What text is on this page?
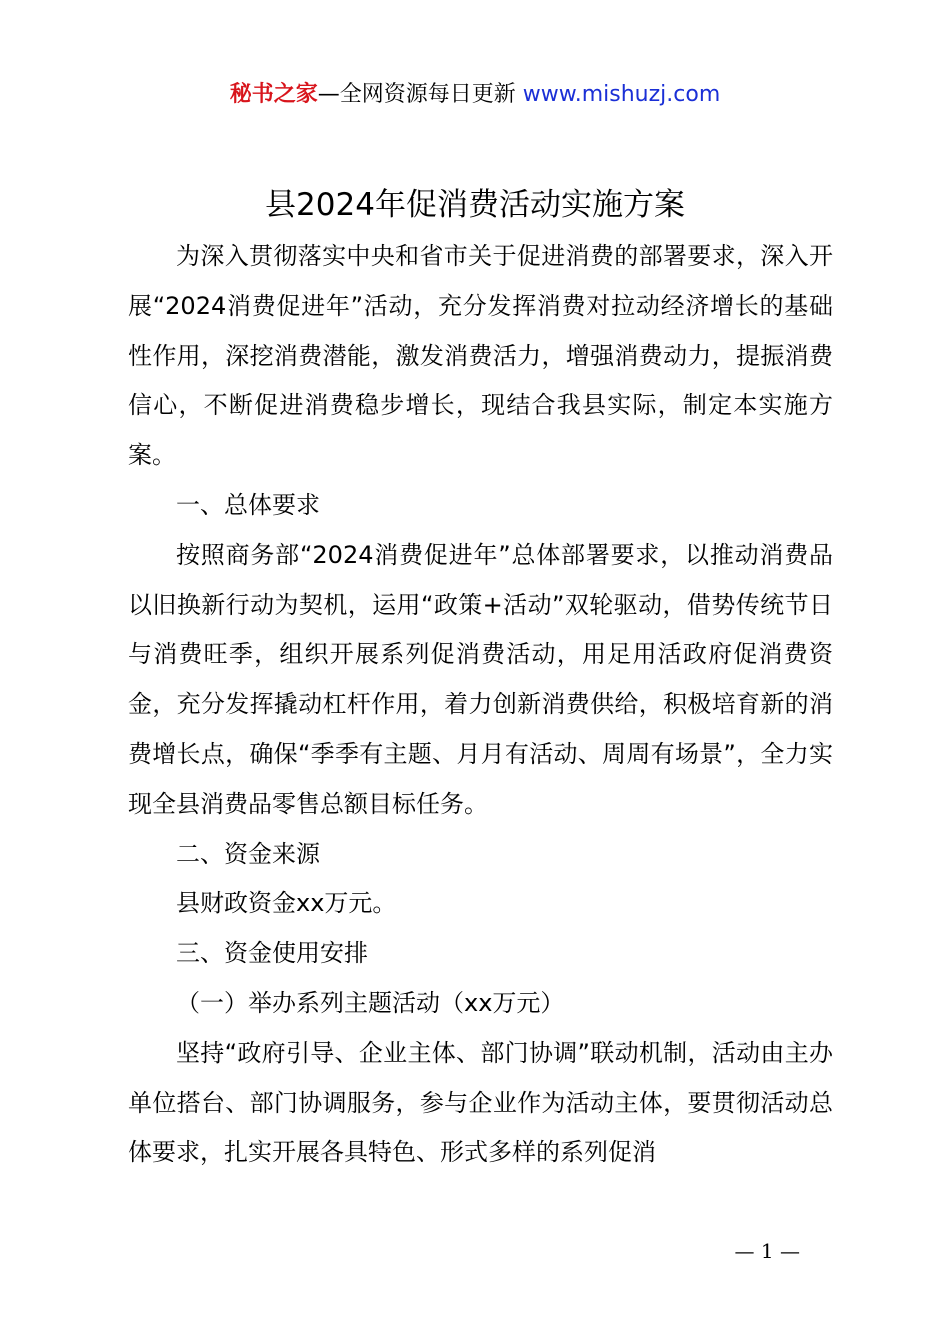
秘书之家—全网资源每日更新 www.mishuzj.com
县2024年促消费活动实施方案

为深入贯彻落实中央和省市关于促进消费的部署要求，深入开展“2024消费促进年”活动，充分发挥消费对拉动经济增长的基础性作用，深挖消费潜能，激发消费活力，增强消费动力，提振消费信心，不断促进消费稳步增长，现结合我县实际，制定本实施方案。

一、总体要求

按照商务部“2024消费促进年”总体部署要求，以推动消费品以旧换新行动为契机，运用“政策+活动”双轮驱动，借势传统节日与消费旺季，组织开展系列促消费活动，用足用活政府促消费资金，充分发挥撬动杠杆作用，着力创新消费供给，积极培育新的消费增长点，确保“季季有主题、月月有活动、周周有场景”，全力实现全县消费品零售总额目标任务。

二、资金来源

县财政资金xx万元。

三、资金使用安排

（一）举办系列主题活动（xx万元）

坚持“政府引导、企业主体、部门协调”联动机制，活动由主办单位搭台、部门协调服务，参与企业作为活动主体，要贯彻活动总体要求，扎实开展各具特色、形式多样的系列促消

— 1 —
